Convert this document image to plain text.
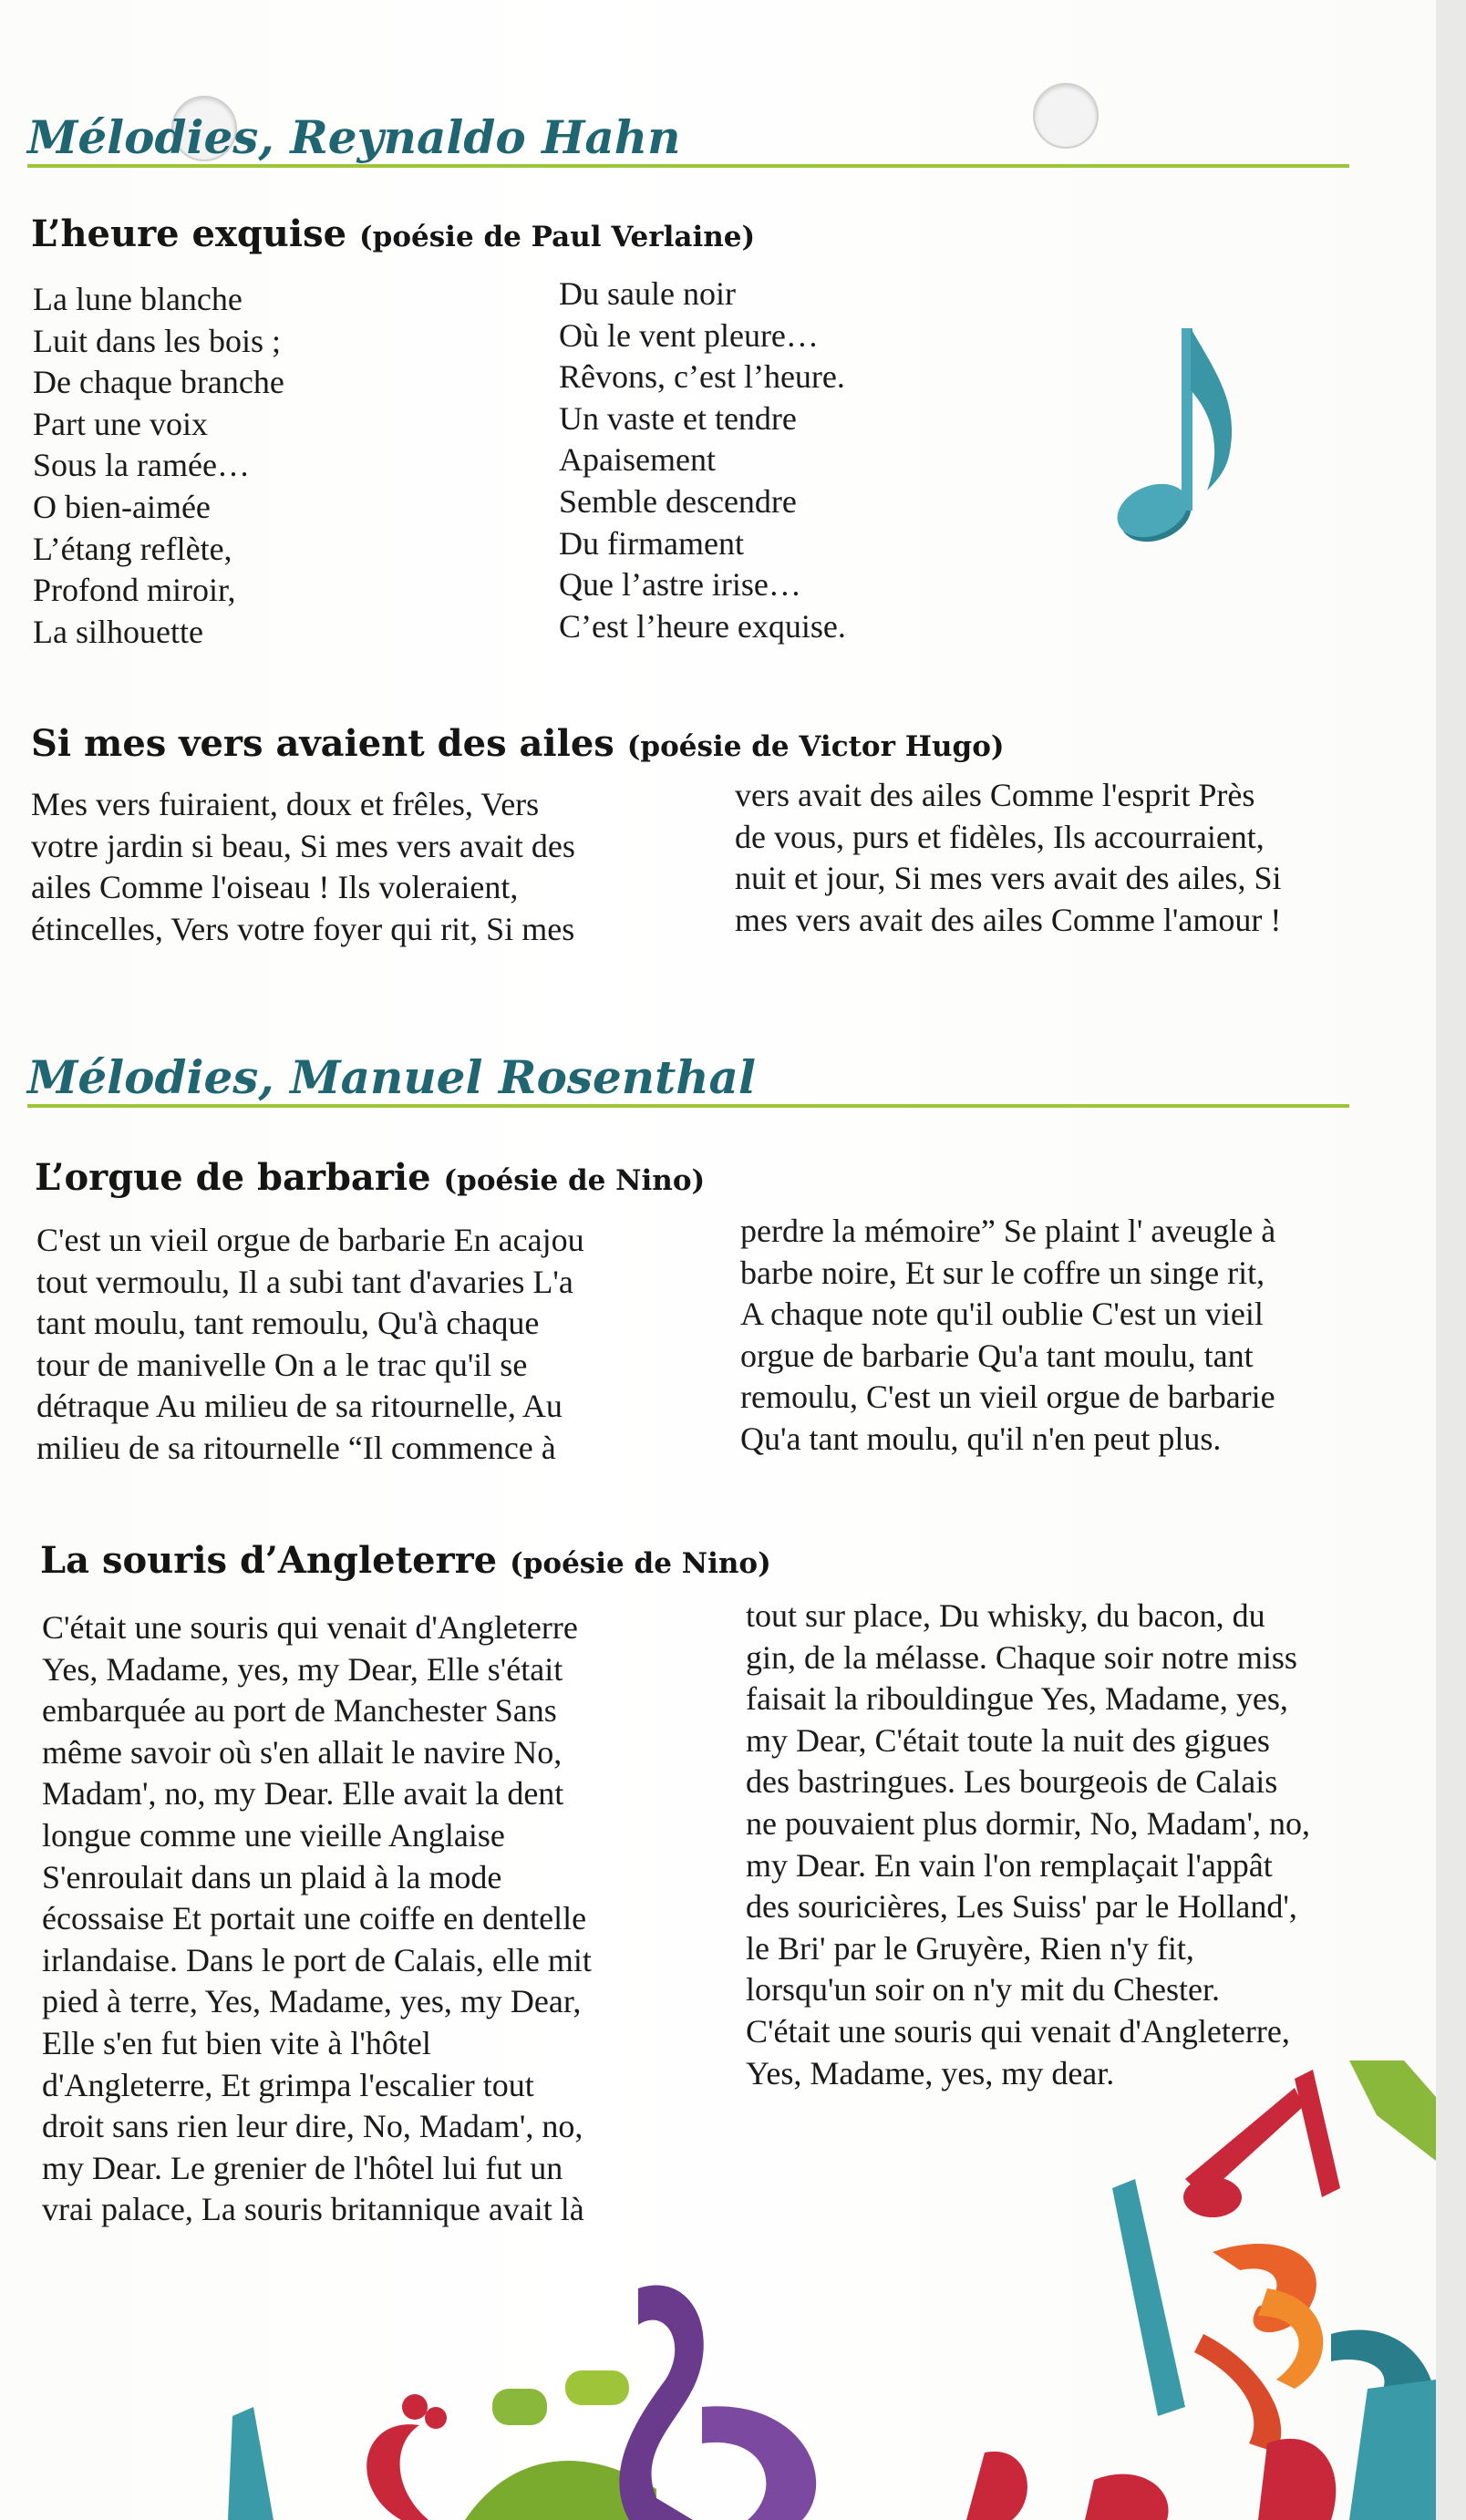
Mélodies, Reynaldo Hahn
L’heure exquise (poésie de Paul Verlaine)
La lune blanche
Luit dans les bois ;
De chaque branche
Part une voix
Sous la ramée…
O bien-aimée
L’étang reflète,
Profond miroir,
La silhouette
Du saule noir
Où le vent pleure…
Rêvons, c’est l’heure.
Un vaste et tendre
Apaisement
Semble descendre
Du firmament
Que l’astre irise…
C’est l’heure exquise.
Si mes vers avaient des ailes (poésie de Victor Hugo)
Mes vers fuiraient, doux et frêles, Vers
votre jardin si beau, Si mes vers avait des
ailes Comme l'oiseau ! Ils voleraient,
étincelles, Vers votre foyer qui rit, Si mes
vers avait des ailes Comme l'esprit Près
de vous, purs et fidèles, Ils accourraient,
nuit et jour, Si mes vers avait des ailes, Si
mes vers avait des ailes Comme l'amour !
Mélodies, Manuel Rosenthal
L’orgue de barbarie (poésie de Nino)
C'est un vieil orgue de barbarie En acajou
tout vermoulu, Il a subi tant d'avaries L'a
tant moulu, tant remoulu, Qu'à chaque
tour de manivelle On a le trac qu'il se
détraque Au milieu de sa ritournelle, Au
milieu de sa ritournelle “Il commence à
perdre la mémoire” Se plaint l' aveugle à
barbe noire, Et sur le coffre un singe rit,
A chaque note qu'il oublie C'est un vieil
orgue de barbarie Qu'a tant moulu, tant
remoulu, C'est un vieil orgue de barbarie
Qu'a tant moulu, qu'il n'en peut plus.
La souris d’Angleterre (poésie de Nino)
C'était une souris qui venait d'Angleterre
Yes, Madame, yes, my Dear, Elle s'était
embarquée au port de Manchester Sans
même savoir où s'en allait le navire No,
Madam', no, my Dear. Elle avait la dent
longue comme une vieille Anglaise
S'enroulait dans un plaid à la mode
écossaise Et portait une coiffe en dentelle
irlandaise. Dans le port de Calais, elle mit
pied à terre, Yes, Madame, yes, my Dear,
Elle s'en fut bien vite à l'hôtel
d'Angleterre, Et grimpa l'escalier tout
droit sans rien leur dire, No, Madam', no,
my Dear. Le grenier de l'hôtel lui fut un
vrai palace, La souris britannique avait là
tout sur place, Du whisky, du bacon, du
gin, de la mélasse. Chaque soir notre miss
faisait la ribouldingue Yes, Madame, yes,
my Dear, C'était toute la nuit des gigues
des bastringues. Les bourgeois de Calais
ne pouvaient plus dormir, No, Madam', no,
my Dear. En vain l'on remplaçait l'appât
des souricières, Les Suiss' par le Holland',
le Bri' par le Gruyère, Rien n'y fit,
lorsqu'un soir on n'y mit du Chester.
C'était une souris qui venait d'Angleterre,
Yes, Madame, yes, my dear.
